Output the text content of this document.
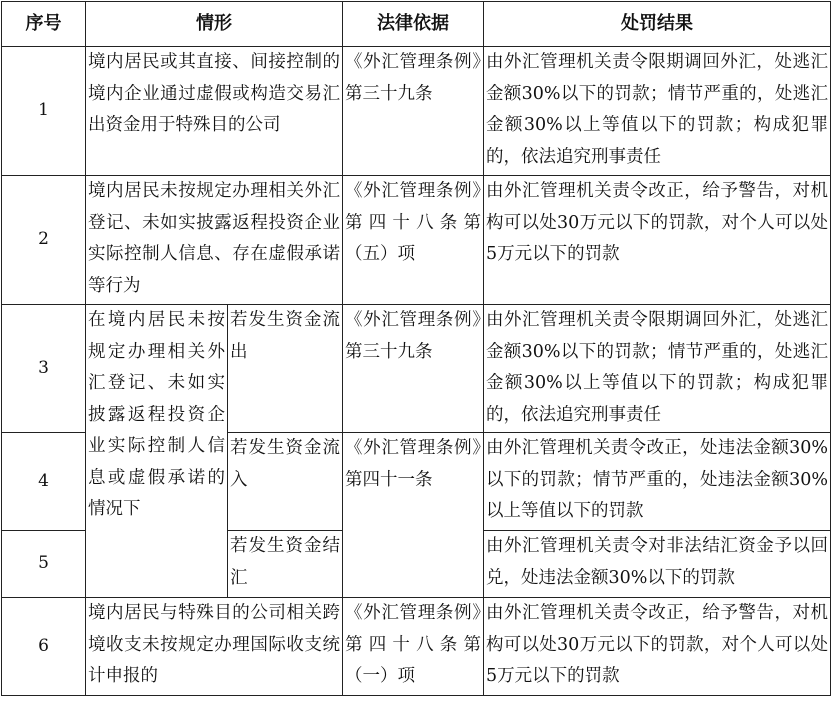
序号	情形		法律依据	处罚结果
1	境内居民或其直接、间接控制的境内企业通过虚假或构造交易汇出资金用于特殊目的公司		《外汇管理条例》第三十九条	由外汇管理机关责令限期调回外汇，处逃汇金额30%以下的罚款；情节严重的，处逃汇金额30%以上等值以下的罚款；构成犯罪的，依法追究刑事责任
2	境内居民未按规定办理相关外汇登记、未如实披露返程投资企业实际控制人信息、存在虚假承诺等行为		《外汇管理条例》第四十八条第（五）项	由外汇管理机关责令改正，给予警告，对机构可以处30万元以下的罚款，对个人可以处5万元以下的罚款
3	在境内居民未按规定办理相关外汇登记、未如实披露返程投资企业实际控制人信息或虚假承诺的情况下	若发生资金流出	《外汇管理条例》第三十九条	由外汇管理机关责令限期调回外汇，处逃汇金额30%以下的罚款；情节严重的，处逃汇金额30%以上等值以下的罚款；构成犯罪的，依法追究刑事责任
4		若发生资金流入	《外汇管理条例》第四十一条	由外汇管理机关责令改正，处违法金额30%以下的罚款；情节严重的，处违法金额30%以上等值以下的罚款
5		若发生资金结汇		由外汇管理机关责令对非法结汇资金予以回兑，处违法金额30%以下的罚款
6	境内居民与特殊目的公司相关跨境收支未按规定办理国际收支统计申报的		《外汇管理条例》第四十八条第（一）项	由外汇管理机关责令改正，给予警告，对机构可以处30万元以下的罚款，对个人可以处5万元以下的罚款
